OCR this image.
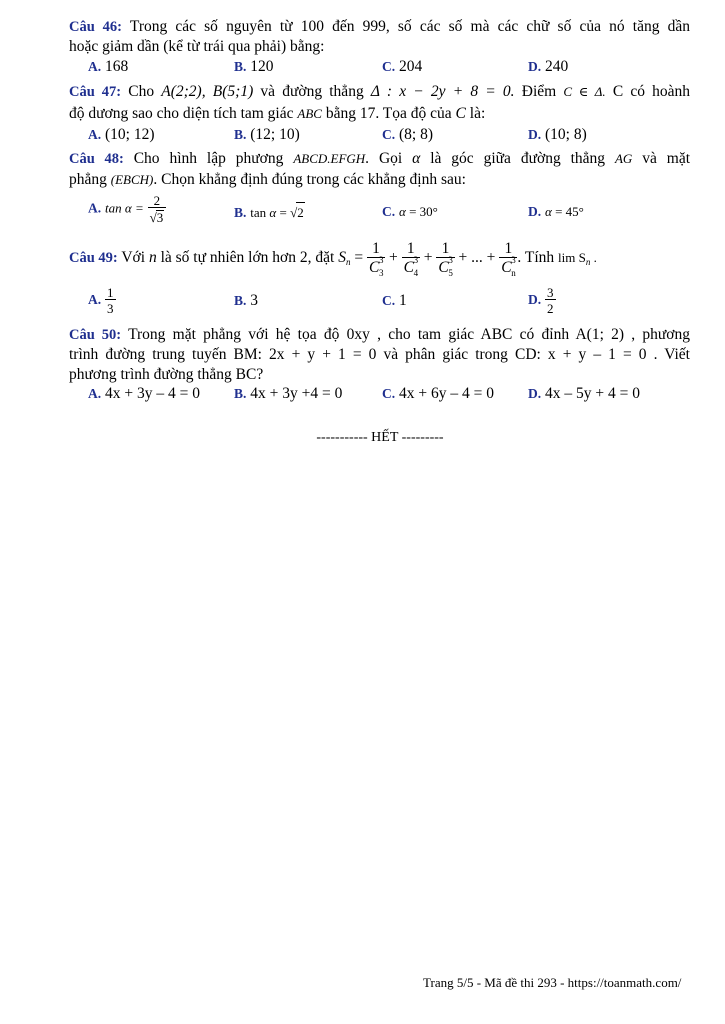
Câu 46: Trong các số nguyên từ 100 đến 999, số các số mà các chữ số của nó tăng dần
hoặc giảm dần (kể từ trái qua phải) bằng:
A. 168	B. 120	C. 204	D. 240
Câu 47: Cho A(2;2), B(5;1) và đường thẳng Δ : x − 2y + 8 = 0. Điểm C ∈ Δ. C có hoành
độ dương sao cho diện tích tam giác ABC bằng 17. Tọa độ của C là:
A. (10; 12)	B. (12; 10)	C. (8; 8)	D. (10; 8)
Câu 48: Cho hình lập phương ABCD.EFGH. Gọi α là góc giữa đường thẳng AG và mặt
phẳng (EBCH). Chọn khẳng định đúng trong các khẳng định sau:
A. $\tan \alpha = \frac{2}{√3}$	B. tan α = √2	C. α = 30°	D. α = 45°
Câu 49: Với n là số tự nhiên lớn hơn 2, đặt $S_n = 1$
C 3
3
+ 1
C 3
4
+ 1
C 3
5
+ ... + 1
C 3
n
. Tính $\lim S_n$ .
A. $\frac{1}{3}$	B. 3	C. 1	D. $\frac{3}{2}$
Câu 50: Trong mặt phẳng với hệ tọa độ 0xy , cho tam giác ABC có đỉnh A(1; 2) , phương
trình đường trung tuyến BM: 2x + y + 1 = 0 và phân giác trong CD: x + y – 1 = 0 . Viết
phương trình đường thẳng BC?
A. 4x + 3y – 4 = 0	B. 4x + 3y +4 = 0	C. 4x + 6y – 4 = 0	D. 4x – 5y + 4 = 0
----------- HẾT ---------
Trang 5/5 - Mã đề thi 293 - https://toanmath.com/
